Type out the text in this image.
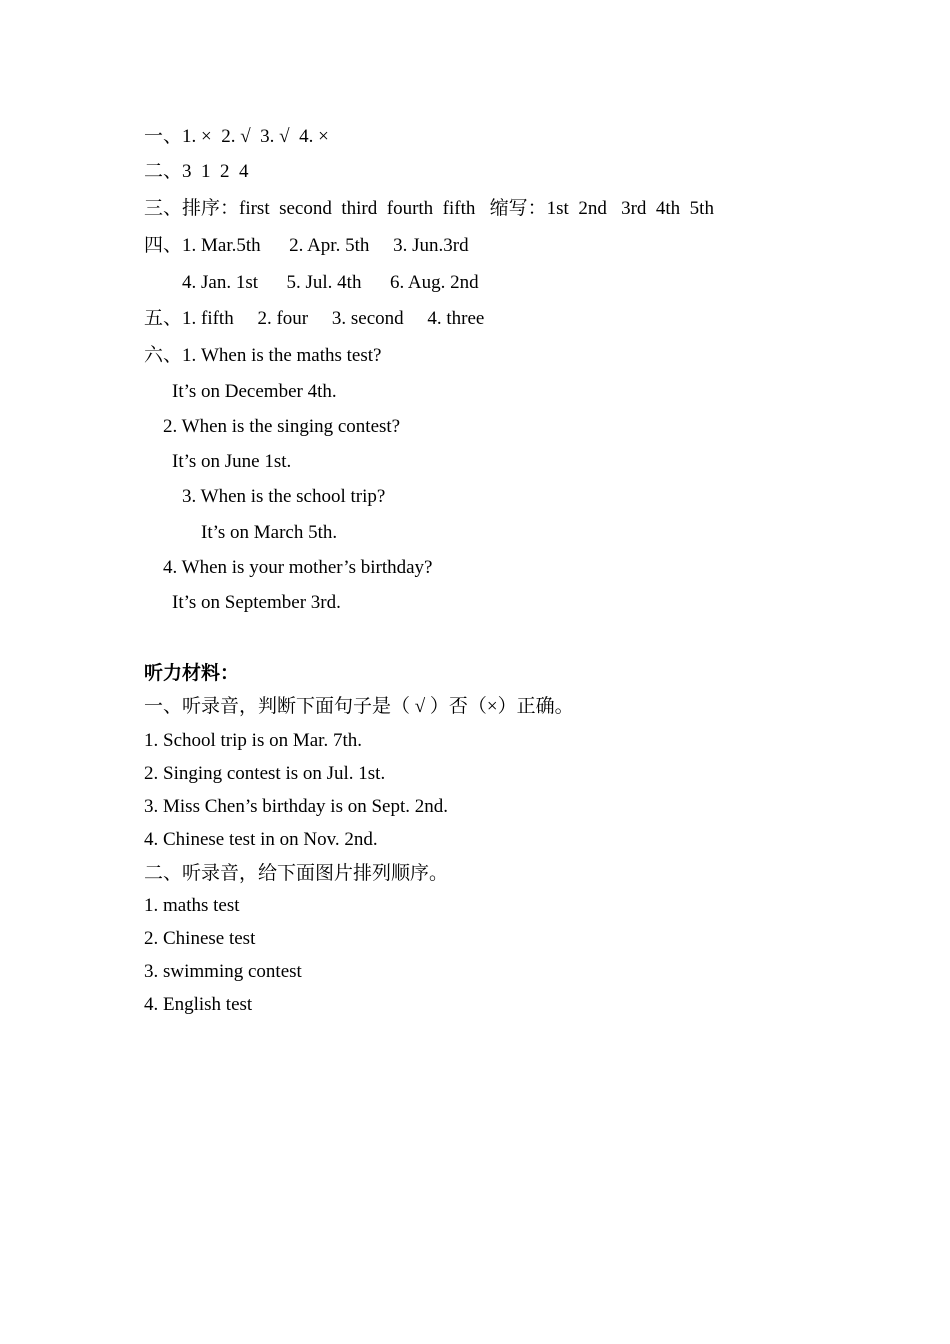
一、1. ×  2. √  3. √  4. ×
二、3  1  2  4
三、排序：first  second  third  fourth  fifth   缩写：1st  2nd   3rd  4th  5th
四、1. Mar.5th      2. Apr. 5th     3. Jun.3rd
4. Jan. 1st      5. Jul. 4th      6. Aug. 2nd
五、1. fifth     2. four     3. second     4. three
六、1. When is the maths test?
It’s on December 4th.
2. When is the singing contest?
It’s on June 1st.
3. When is the school trip?
It’s on March 5th.
4. When is your mother’s birthday?
It’s on September 3rd.
听力材料：
一、听录音，判断下面句子是（ √ ）否（×）正确。
1. School trip is on Mar. 7th.
2. Singing contest is on Jul. 1st.
3. Miss Chen’s birthday is on Sept. 2nd.
4. Chinese test in on Nov. 2nd.
二、听录音，给下面图片排列顺序。
1. maths test
2. Chinese test
3. swimming contest
4. English test
